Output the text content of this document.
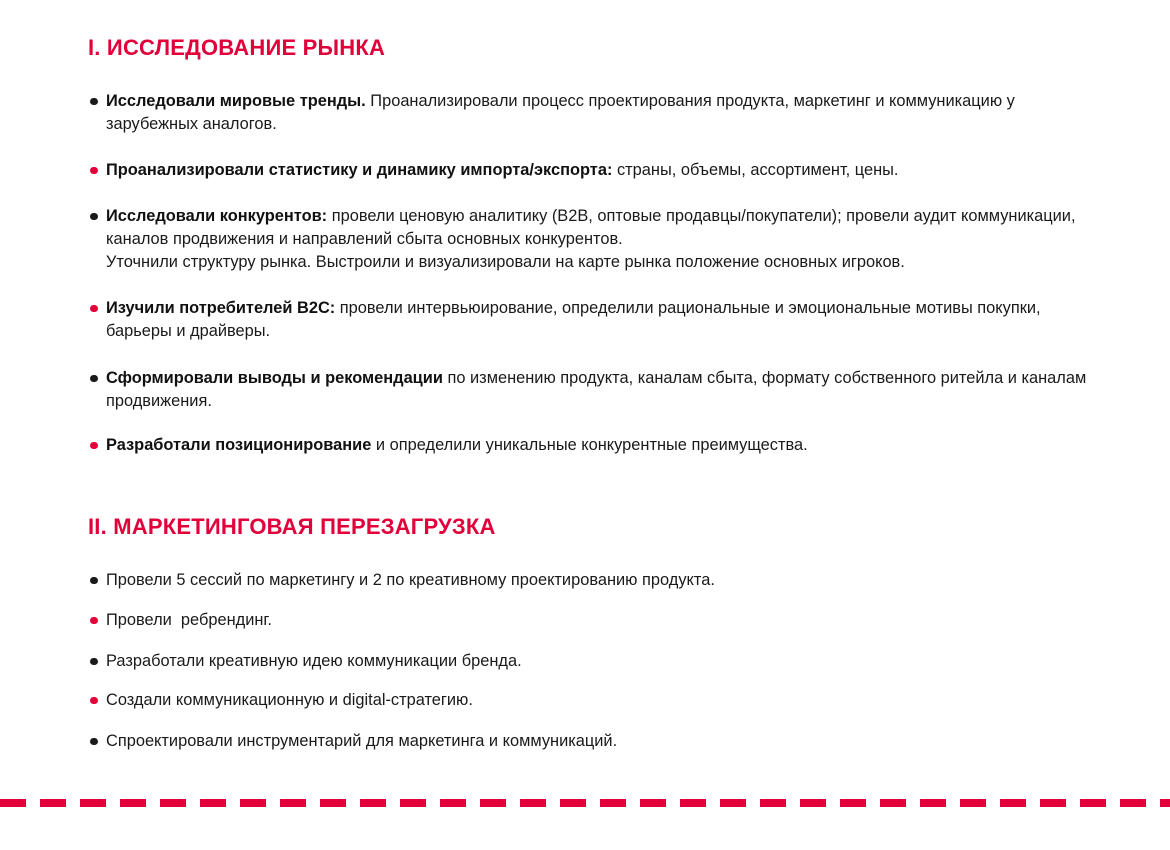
I. ИССЛЕДОВАНИЕ РЫНКА

Исследовали мировые тренды. Проанализировали процесс проектирования продукта, маркетинг и коммуникацию у зарубежных аналогов.

Проанализировали статистику и динамику импорта/экспорта: страны, объемы, ассортимент, цены.

Исследовали конкурентов: провели ценовую аналитику (B2B, оптовые продавцы/покупатели); провели аудит коммуникации, каналов продвижения и направлений сбыта основных конкурентов.
Уточнили структуру рынка. Выстроили и визуализировали на карте рынка положение основных игроков.

Изучили потребителей B2C: провели интервьюирование, определили рациональные и эмоциональные мотивы покупки, барьеры и драйверы.

Сформировали выводы и рекомендации по изменению продукта, каналам сбыта, формату собственного ритейла и каналам продвижения.

Разработали позиционирование и определили уникальные конкурентные преимущества.

II. МАРКЕТИНГОВАЯ ПЕРЕЗАГРУЗКА

Провели 5 сессий по маркетингу и 2 по креативному проектированию продукта.

Провели  ребрендинг.

Разработали креативную идею коммуникации бренда.

Создали коммуникационную и digital-стратегию.

Спроектировали инструментарий для маркетинга и коммуникаций.
